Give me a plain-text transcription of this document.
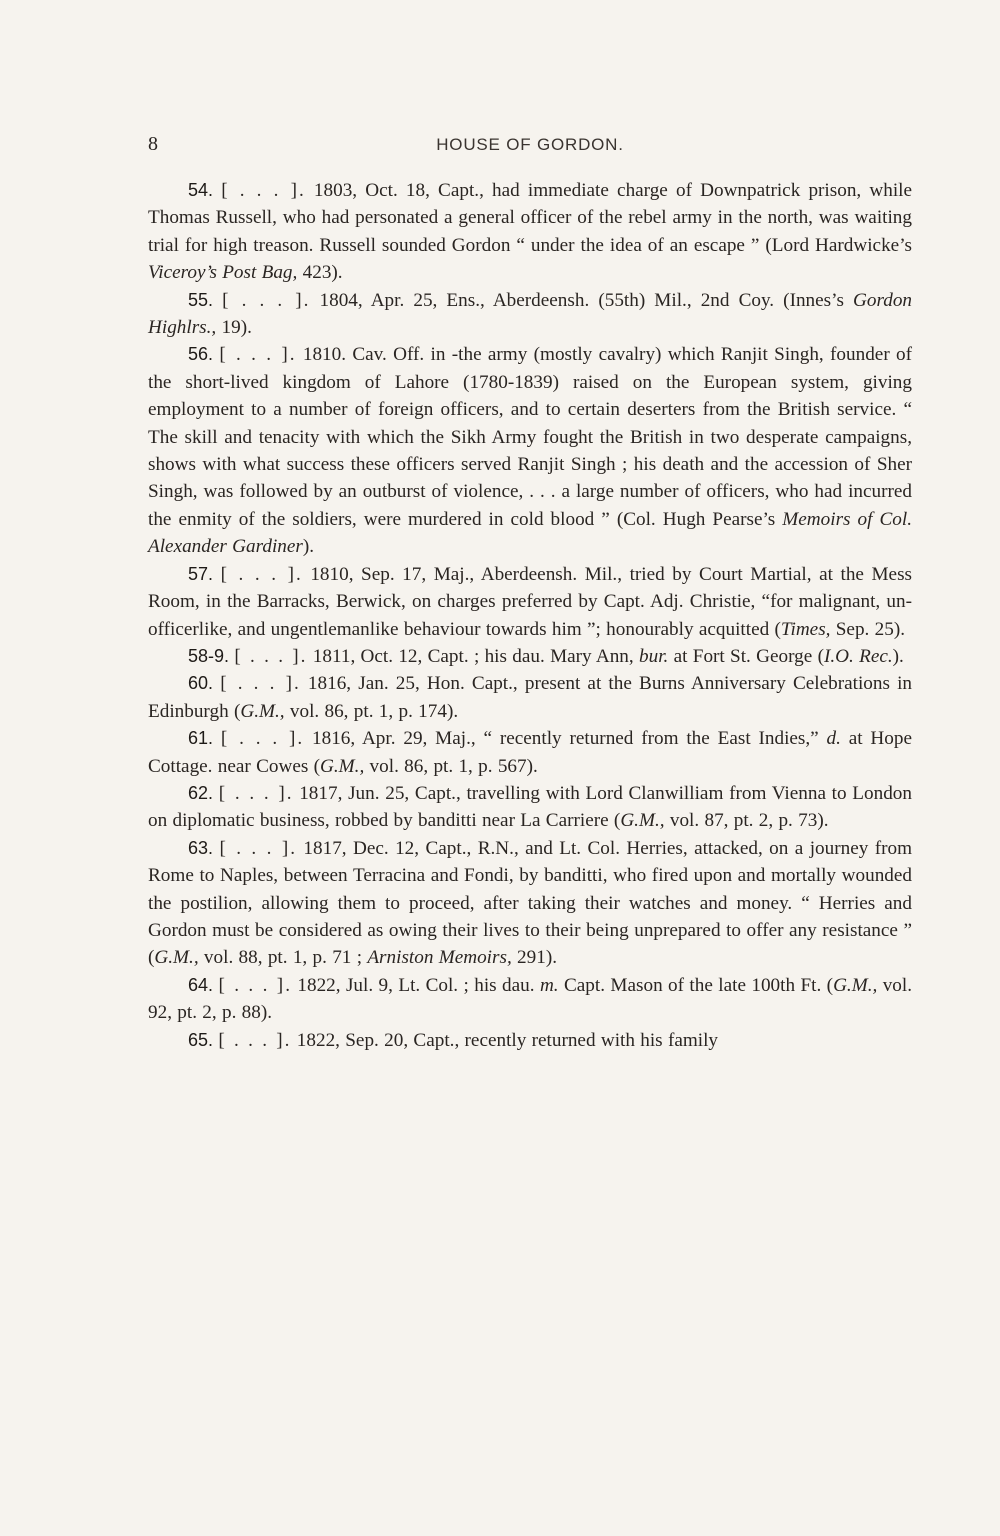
8	HOUSE OF GORDON.

54. [ . . . ]. 1803, Oct. 18, Capt., had immediate charge of Downpatrick prison, while Thomas Russell, who had personated a general officer of the rebel army in the north, was waiting trial for high treason. Russell sounded Gordon “ under the idea of an escape ” (Lord Hardwicke’s Viceroy’s Post Bag, 423).

55. [ . . . ]. 1804, Apr. 25, Ens., Aberdeensh. (55th) Mil., 2nd Coy. (Innes’s Gordon Highlrs., 19).

56. [ . . . ]. 1810. Cav. Off. in -the army (mostly cavalry) which Ranjit Singh, founder of the short-lived kingdom of Lahore (1780-1839) raised on the European system, giving employment to a number of foreign officers, and to certain deserters from the British service. “ The skill and tenacity with which the Sikh Army fought the British in two desperate campaigns, shows with what success these officers served Ranjit Singh ; his death and the accession of Sher Singh, was followed by an outburst of violence, . . . a large number of officers, who had incurred the enmity of the soldiers, were murdered in cold blood ” (Col. Hugh Pearse’s Memoirs of Col. Alexander Gardiner).

57. [ . . . ]. 1810, Sep. 17, Maj., Aberdeensh. Mil., tried by Court Martial, at the Mess Room, in the Barracks, Berwick, on charges preferred by Capt. Adj. Christie, “for malignant, un-officerlike, and ungentlemanlike behaviour towards him ”; honourably acquitted (Times, Sep. 25).

58-9. [ . . . ]. 1811, Oct. 12, Capt. ; his dau. Mary Ann, bur. at Fort St. George (I.O. Rec.).

60. [ . . . ]. 1816, Jan. 25, Hon. Capt., present at the Burns Anniversary Celebrations in Edinburgh (G.M., vol. 86, pt. 1, p. 174).

61. [ . . . ]. 1816, Apr. 29, Maj., “ recently returned from the East Indies,” d. at Hope Cottage. near Cowes (G.M., vol. 86, pt. 1, p. 567).

62. [ . . . ]. 1817, Jun. 25, Capt., travelling with Lord Clanwilliam from Vienna to London on diplomatic business, robbed by banditti near La Carriere (G.M., vol. 87, pt. 2, p. 73).

63. [ . . . ]. 1817, Dec. 12, Capt., R.N., and Lt. Col. Herries, attacked, on a journey from Rome to Naples, between Terracina and Fondi, by banditti, who fired upon and mortally wounded the postilion, allowing them to proceed, after taking their watches and money. “ Herries and Gordon must be considered as owing their lives to their being unprepared to offer any resistance ” (G.M., vol. 88, pt. 1, p. 71 ; Arniston Memoirs, 291).

64. [ . . . ]. 1822, Jul. 9, Lt. Col. ; his dau. m. Capt. Mason of the late 100th Ft. (G.M., vol. 92, pt. 2, p. 88).

65. [ . . . ]. 1822, Sep. 20, Capt., recently returned with his family
